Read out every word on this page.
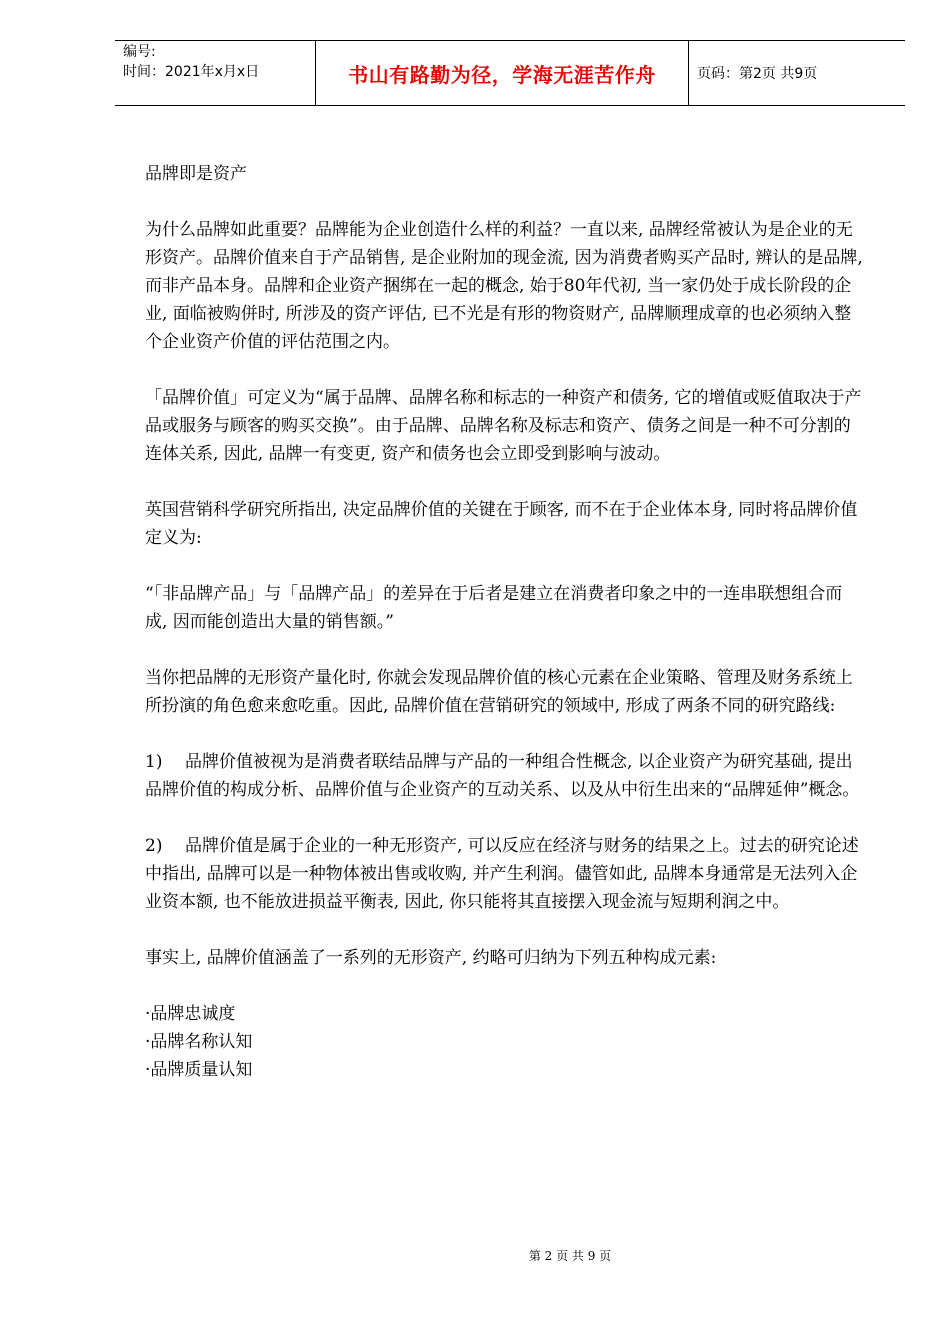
编号:
时间：2021年x月x日	书山有路勤为径，学海无涯苦作舟	页码：第2页 共9页

品牌即是资产

为什么品牌如此重要？品牌能为企业创造什么样的利益？一直以来, 品牌经常被认为是企业的无形资产。品牌价值来自于产品销售, 是企业附加的现金流, 因为消费者购买产品时, 辨认的是品牌, 而非产品本身。品牌和企业资产捆绑在一起的概念, 始于80年代初, 当一家仍处于成长阶段的企业, 面临被购併时, 所涉及的资产评估, 已不光是有形的物资财产, 品牌顺理成章的也必须纳入整个企业资产价值的评估范围之内。

「品牌价值」可定义为“属于品牌、品牌名称和标志的一种资产和债务, 它的增值或贬值取决于产品或服务与顾客的购买交换”。由于品牌、品牌名称及标志和资产、债务之间是一种不可分割的连体关系, 因此, 品牌一有变更, 资产和债务也会立即受到影响与波动。

英国营销科学研究所指出, 决定品牌价值的关键在于顾客, 而不在于企业体本身, 同时将品牌价值定义为:

“「非品牌产品」与「品牌产品」的差异在于后者是建立在消费者印象之中的一连串联想组合而成, 因而能创造出大量的销售额。”

当你把品牌的无形资产量化时, 你就会发现品牌价值的核心元素在企业策略、管理及财务系统上所扮演的角色愈来愈吃重。因此, 品牌价值在营销研究的领域中, 形成了两条不同的研究路线:

1) 品牌价值被视为是消费者联结品牌与产品的一种组合性概念, 以企业资产为研究基础, 提出品牌价值的构成分析、品牌价值与企业资产的互动关系、以及从中衍生出来的“品牌延伸”概念。

2) 品牌价值是属于企业的一种无形资产, 可以反应在经济与财务的结果之上。过去的研究论述中指出, 品牌可以是一种物体被出售或收购, 并产生利润。儘管如此, 品牌本身通常是无法列入企业资本额, 也不能放进损益平衡表, 因此, 你只能将其直接摆入现金流与短期利润之中。

事实上, 品牌价值涵盖了一系列的无形资产, 约略可归纳为下列五种构成元素:

·品牌忠诚度

·品牌名称认知

·品牌质量认知

第 2 页 共 9 页
